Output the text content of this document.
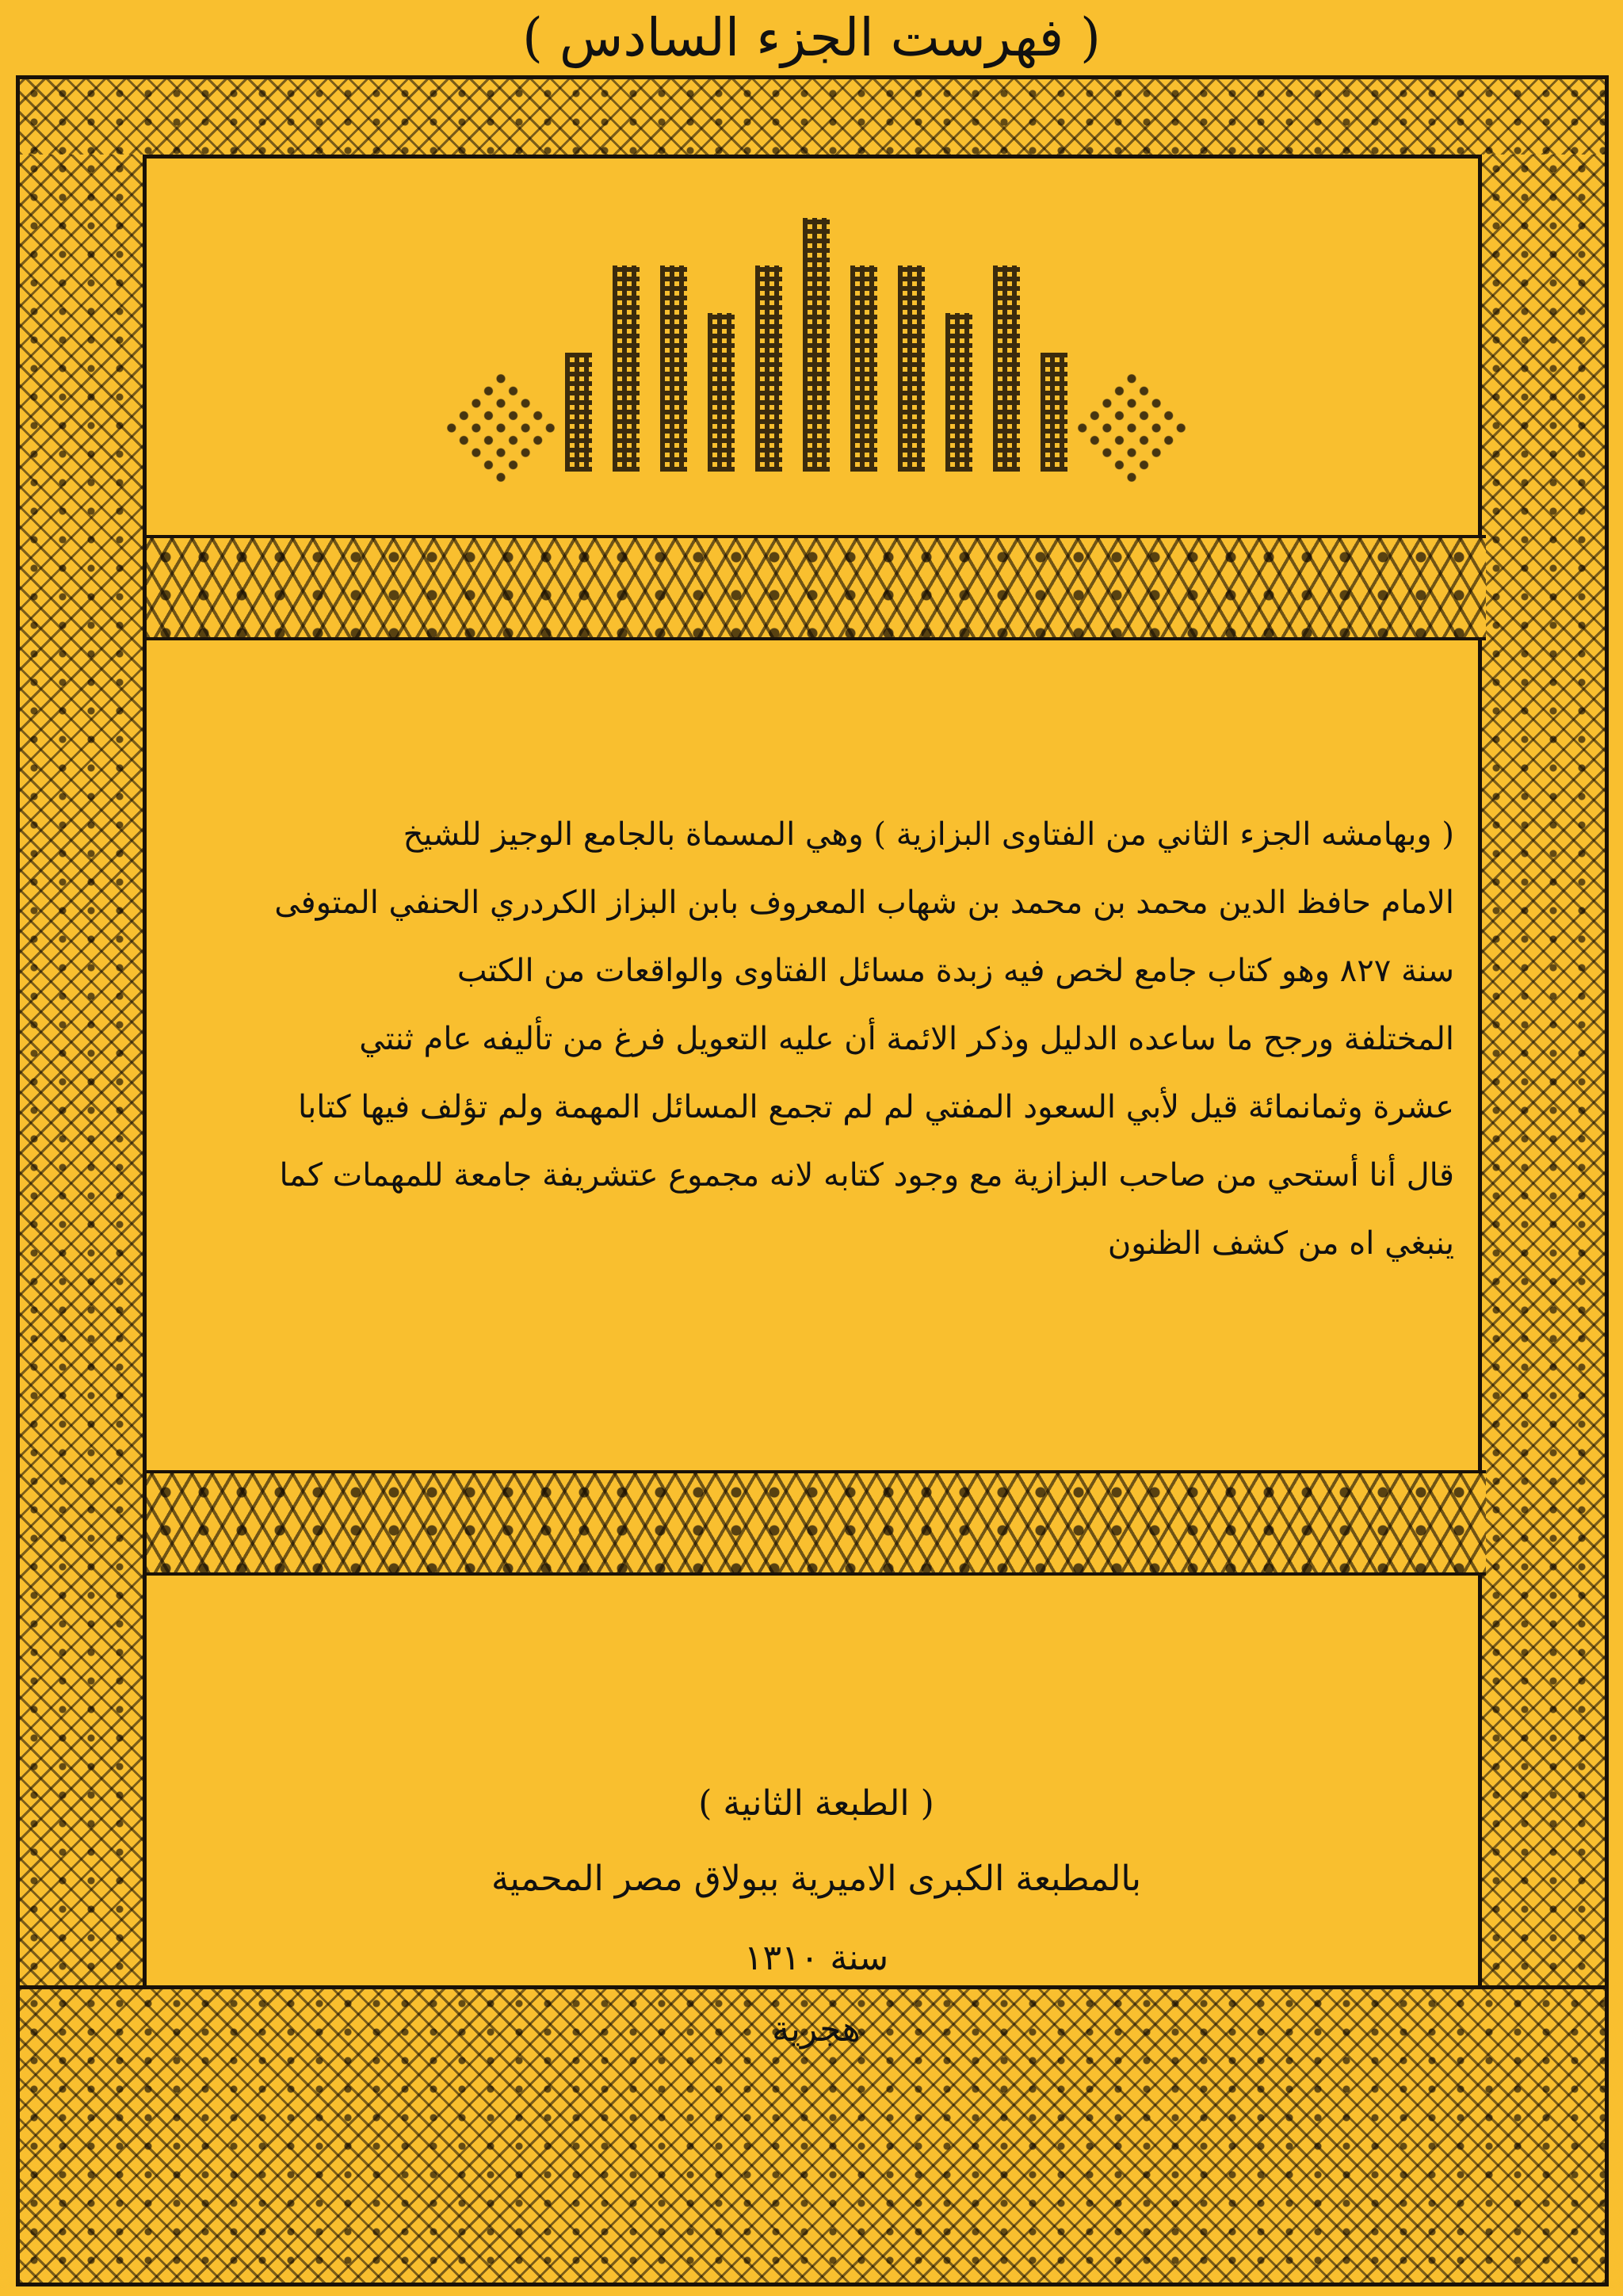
( فهرست الجزء السادس )
( وبهامشه الجزء الثاني من الفتاوى البزازية ) وهي المسماة بالجامع الوجيز للشيخ
الامام حافظ الدين محمد بن محمد بن شهاب المعروف بابن البزاز الكردري الحنفي المتوفى
سنة ٨٢٧ وهو كتاب جامع لخص فيه زبدة مسائل الفتاوى والواقعات من الكتب
المختلفة ورجح ما ساعده الدليل وذكر الائمة أن عليه التعويل فرغ من تأليفه عام ثنتي
عشرة وثمانمائة قيل لأبي السعود المفتي لم لم تجمع المسائل المهمة ولم تؤلف فيها كتابا
قال أنا أستحي من صاحب البزازية مع وجود كتابه لانه مجموع عتشريفة جامعة للمهمات كما
ينبغي اه من كشف الظنون
( الطبعة الثانية )
بالمطبعة الكبرى الاميرية ببولاق مصر المحمية
سنة ١٣١٠
هجرية
